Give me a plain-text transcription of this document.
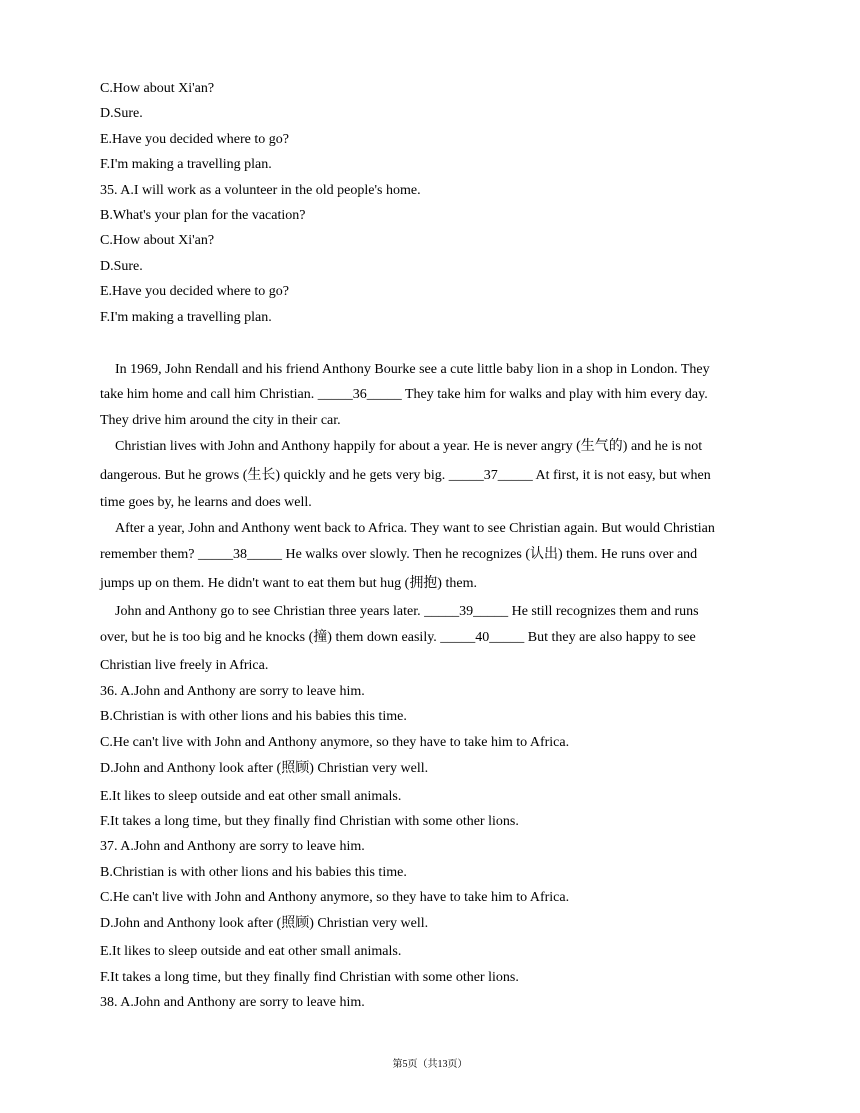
C.How about Xi'an?
D.Sure.
E.Have you decided where to go?
F.I'm making a travelling plan.
35. A.I will work as a volunteer in the old people's home.
B.What's your plan for the vacation?
C.How about Xi'an?
D.Sure.
E.Have you decided where to go?
F.I'm making a travelling plan.
In 1969, John Rendall and his friend Anthony Bourke see a cute little baby lion in a shop in London. They
take him home and call him Christian. _____36_____ They take him for walks and play with him every day.
They drive him around the city in their car.
Christian lives with John and Anthony happily for about a year. He is never angry (生气的) and he is not
dangerous. But he grows (生长) quickly and he gets very big. _____37_____ At first, it is not easy, but when
time goes by, he learns and does well.
After a year, John and Anthony went back to Africa. They want to see Christian again. But would Christian
remember them? _____38_____ He walks over slowly. Then he recognizes (认出) them. He runs over and
jumps up on them. He didn't want to eat them but hug (拥抱) them.
John and Anthony go to see Christian three years later. _____39_____ He still recognizes them and runs
over, but he is too big and he knocks (撞) them down easily. _____40_____ But they are also happy to see
Christian live freely in Africa.
36. A.John and Anthony are sorry to leave him.
B.Christian is with other lions and his babies this time.
C.He can't live with John and Anthony anymore, so they have to take him to Africa.
D.John and Anthony look after (照顾) Christian very well.
E.It likes to sleep outside and eat other small animals.
F.It takes a long time, but they finally find Christian with some other lions.
37. A.John and Anthony are sorry to leave him.
B.Christian is with other lions and his babies this time.
C.He can't live with John and Anthony anymore, so they have to take him to Africa.
D.John and Anthony look after (照顾) Christian very well.
E.It likes to sleep outside and eat other small animals.
F.It takes a long time, but they finally find Christian with some other lions.
38. A.John and Anthony are sorry to leave him.
第5页（共13页）
